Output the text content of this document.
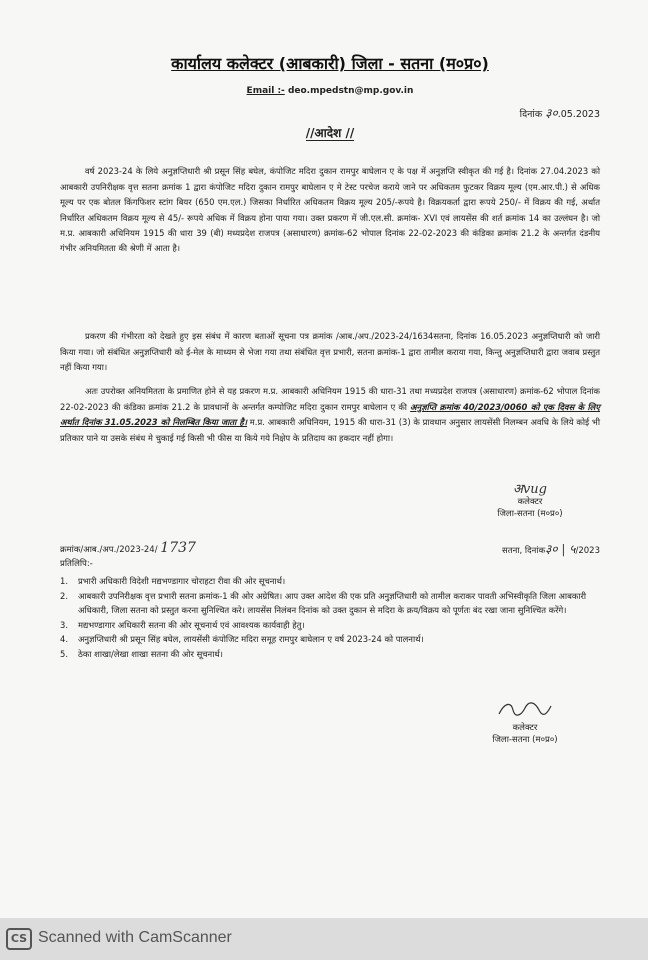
कार्यालय कलेक्टर (आबकारी) जिला - सतना (म०प्र०)
Email :- deo.mpedstn@mp.gov.in
दिनांक ३०.05.2023
//आदेश //

वर्ष 2023-24 के लिये अनुज्ञप्तिधारी श्री प्रसून सिंह बघेल, कंपोजिट मदिरा दुकान रामपुर बाघेलान ए के पक्ष में अनुज्ञप्ति स्वीकृत की गई है। दिनांक 27.04.2023 को आबकारी उपनिरीक्षक वृत्त सतना क्रमांक 1 द्वारा कंपोजिट मदिरा दुकान रामपुर बाघेलान ए मे टेस्ट परचेज कराये जाने पर अधिकतम फुटकर विक्रय मूल्य (एम.आर.पी.) से अधिक मूल्य पर एक बोतल किंगफिशर स्टांग बियर (650 एम.एल.) जिसका निर्धारित अधिकतम विक्रय मूल्य 205/-रूपये है। विक्रयकर्ता द्वारा रूपये 250/- में विक्रय की गई, अर्थात निर्धारित अधिकतम विक्रय मूल्य से 45/- रूपये अधिक में विक्रय होना पाया गया। उक्त प्रकरण में जी.एल.सी. क्रमांक- XVI एवं लायसेंस की शर्त क्रमांक 14 का उल्लंघन है। जो म.प्र. आबकारी अधिनियम 1915 की धारा 39 (बी) मध्यप्रदेश राजपत्र (असाधारण) क्रमांक-62 भोपाल दिनांक 22-02-2023 की कंडिका क्रमांक 21.2 के अन्तर्गत दंडनीय गंभीर अनियमितता की श्रेणी में आता है।

प्रकरण की गंभीरता को देखते हुए इस संबंध में कारण बताओं सूचना पत्र क्रमांक /आब./अप./2023-24/1634सतना, दिनांक 16.05.2023 अनुज्ञप्तिधारी को जारी किया गया। जो संबंधित अनुज्ञप्तिधारी को ई-मेल के माध्यम से भेजा गया तथा संबंधित वृत्त प्रभारी, सतना क्रमांक-1 द्वारा तामील कराया गया, किन्तु अनुज्ञप्तिधारी द्वारा जवाब प्रस्तुत नहीं किया गया।

अतः उपरोक्त अनियमितता के प्रमाणित होने से यह प्रकरण म.प्र. आबकारी अधिनियम 1915 की धारा-31 तथा मध्यप्रदेश राजपत्र (असाधारण) क्रमांक-62 भोपाल दिनांक 22-02-2023 की कंडिका क्रमांक 21.2 के प्रावधानों के अन्तर्गत कम्पोजिट मदिरा दुकान रामपुर बाघेलान ए की अनुज्ञप्ति क्रमांक 40/2023/0060 को एक दिवस के लिए अर्थात दिनांक 31.05.2023 को निलम्बित किया जाता है। म.प्र. आबकारी अधिनियम, 1915 की धारा-31 (3) के प्रावधान अनुसार लायसेंसी निलम्बन अवधि के लिये कोई भी प्रतिकार पाने या उसके संबंध मे चुकाई गई किसी भी फीस या किये गये निक्षेप के प्रतिदाय का हकदार नहीं होगा।

अvug
कलेक्टर
जिला-सतना (म०प्र०)
क्रमांक/आब./अप./2023-24/ 1737	सतना, दिनांक३० | ५/2023
प्रतिलिपि:-
1.	प्रभारी अधिकारी विदेशी मद्यभण्डागार चोराहटा रीवा की ओर सूचनार्थ।
2.	आबकारी उपनिरीक्षक वृत्त प्रभारी सतना क्रमांक-1 की ओर अग्रेषित। आप उक्त आदेश की एक प्रति अनुज्ञप्तिधारी को तामील कराकर पावती अभिस्वीकृति जिला आबकारी अधिकारी, जिला सतना को प्रस्तुत करना सुनिश्चित करे। लायसेंस निलंबन दिनांक को उक्त दुकान से मदिरा के क्रय/विक्रय को पूर्णतः बंद रखा जाना सुनिश्चित करेंगे।
3.	मद्यभण्डागार अधिकारी सतना की ओर सूचनार्थ एवं आवश्यक कार्यवाही हेतु।
4.	अनुज्ञप्तिधारी श्री प्रसून सिंह बघेल, लायसेंसी कंपोजिट मदिरा समूह रामपुर बाघेलान ए वर्ष 2023-24 को पालनार्थ।
5.	ठेका शाखा/लेखा शाखा सतना की ओर सूचनार्थ।
कलेक्टर
जिला-सतना (म०प्र०)
CS Scanned with CamScanner
